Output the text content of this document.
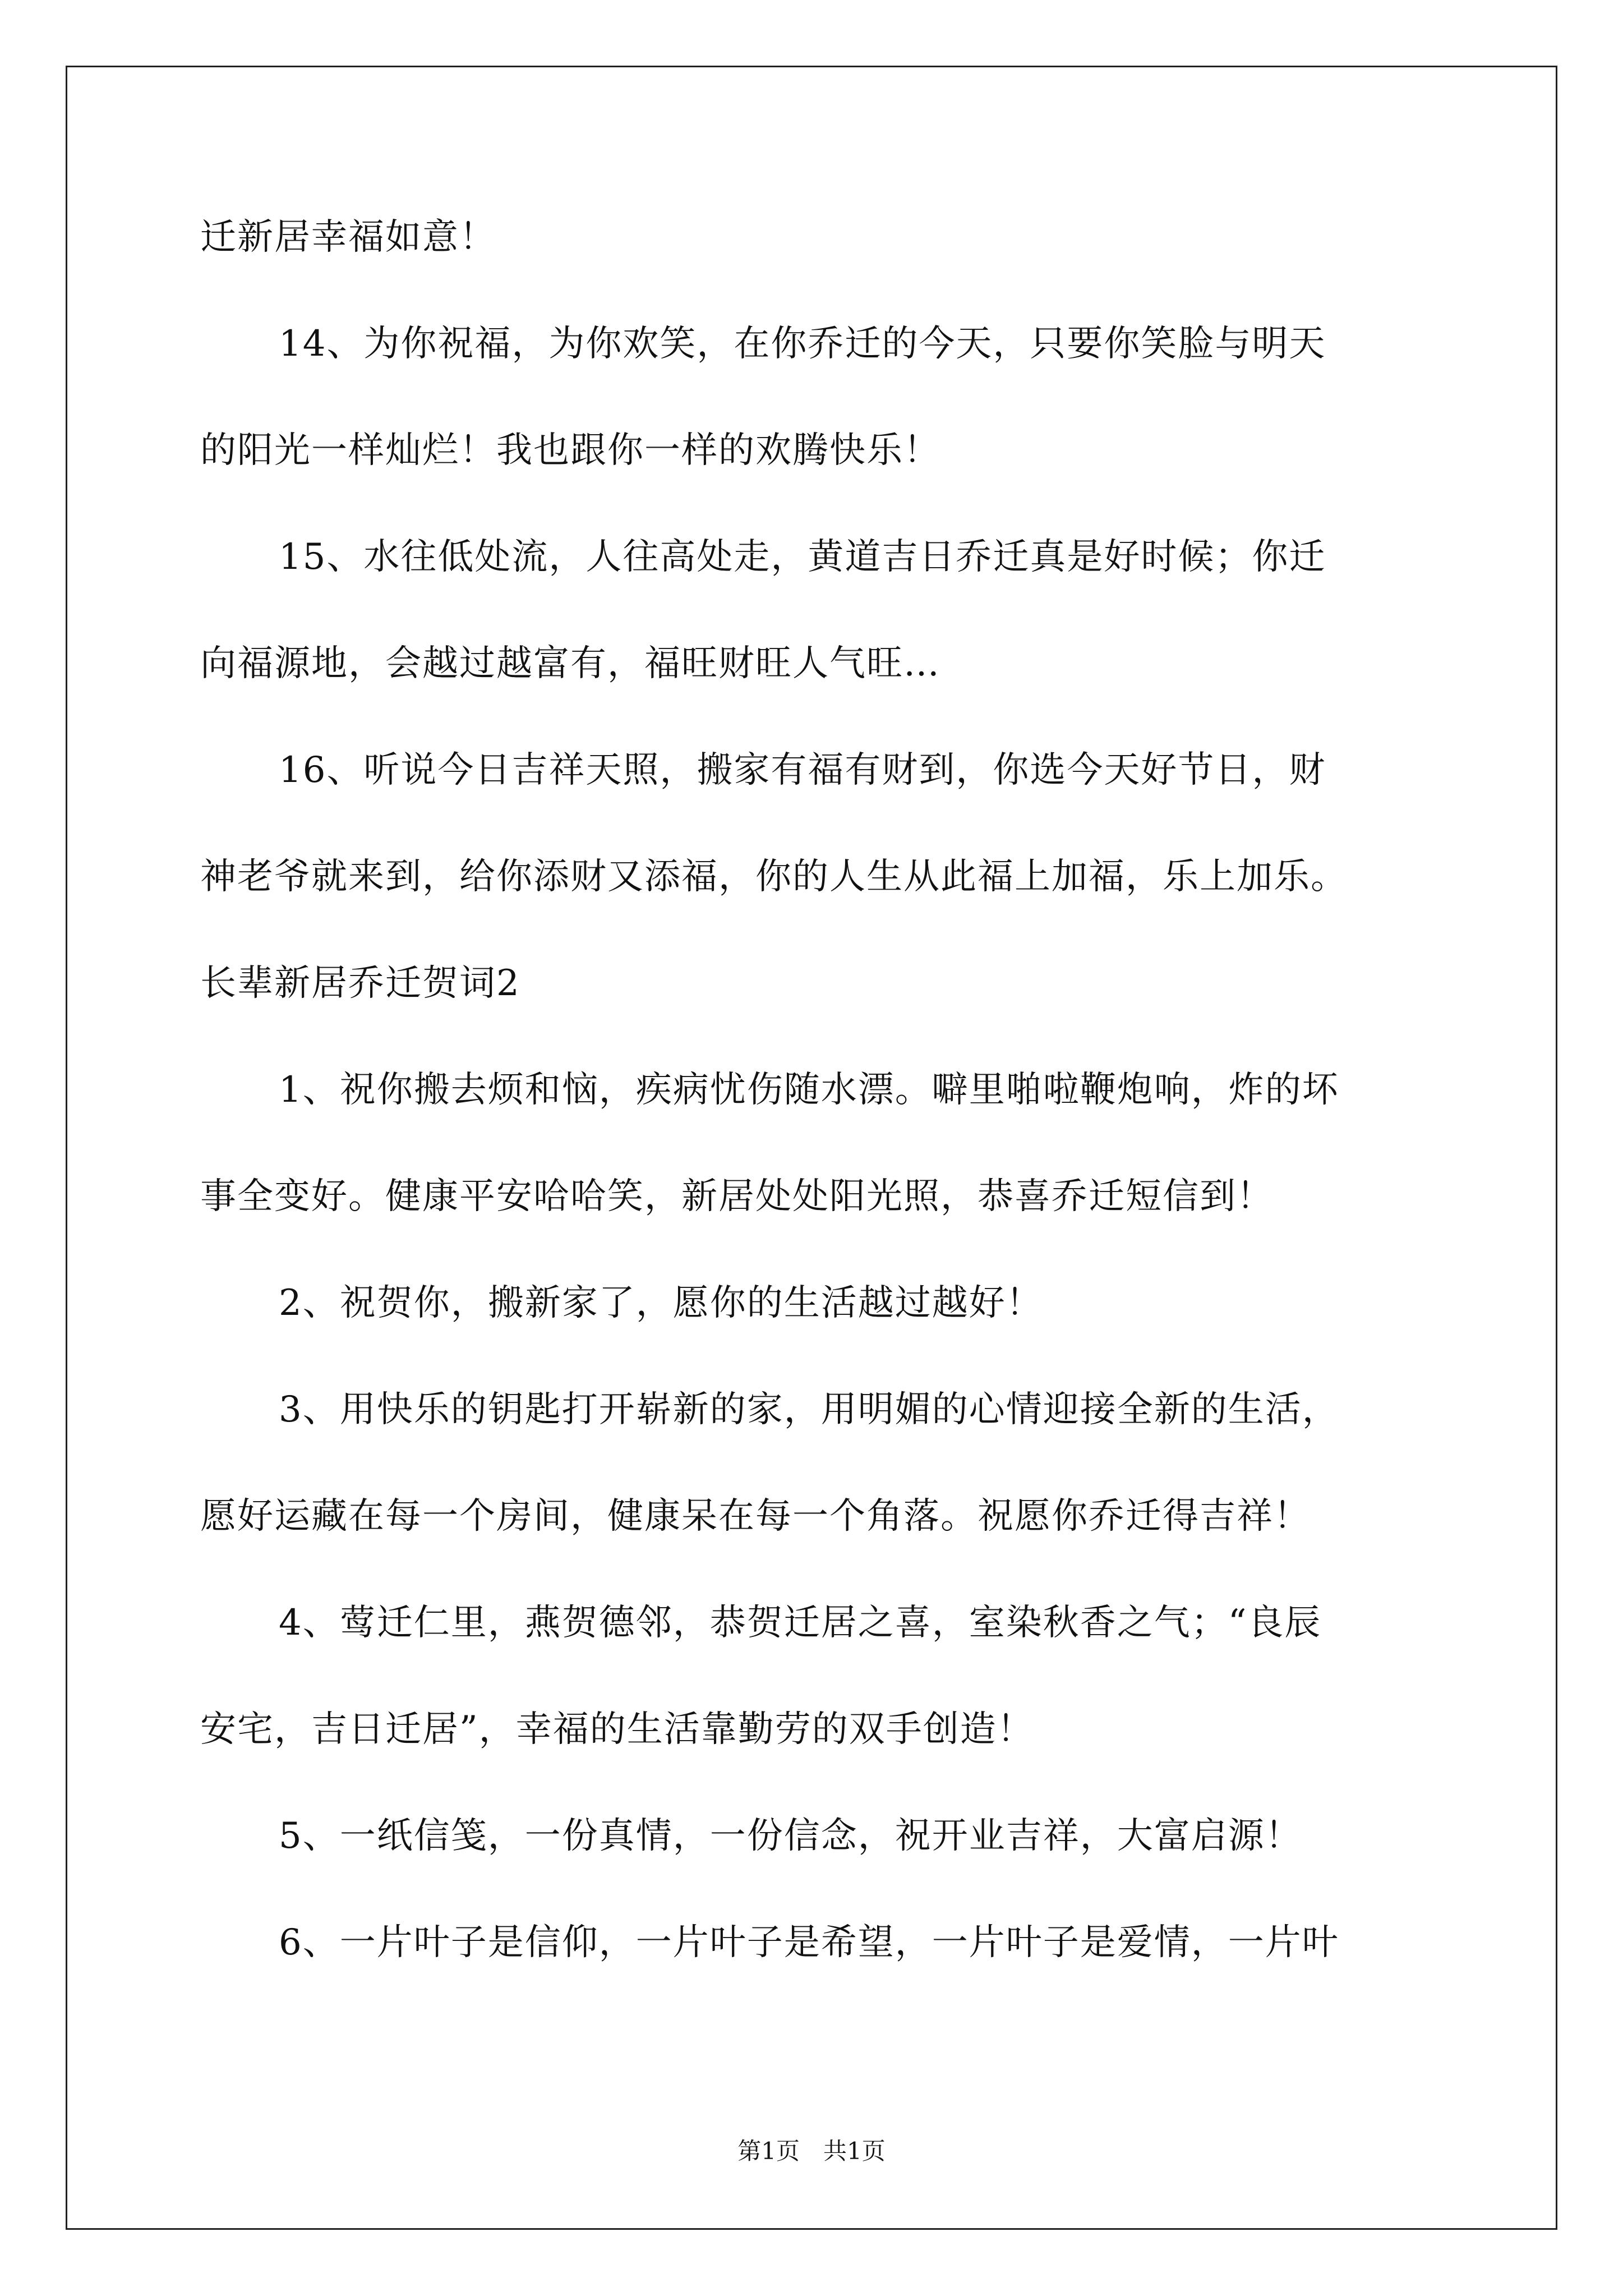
迁新居幸福如意！
14、为你祝福，为你欢笑，在你乔迁的今天，只要你笑脸与明天
的阳光一样灿烂！我也跟你一样的欢腾快乐！
15、水往低处流，人往高处走，黄道吉日乔迁真是好时候；你迁
向福源地，会越过越富有，福旺财旺人气旺…
16、听说今日吉祥天照，搬家有福有财到，你选今天好节日，财
神老爷就来到，给你添财又添福，你的人生从此福上加福，乐上加乐。
长辈新居乔迁贺词2
1、祝你搬去烦和恼，疾病忧伤随水漂。噼里啪啦鞭炮响，炸的坏
事全变好。健康平安哈哈笑，新居处处阳光照，恭喜乔迁短信到！
2、祝贺你，搬新家了，愿你的生活越过越好！
3、用快乐的钥匙打开崭新的家，用明媚的心情迎接全新的生活，
愿好运藏在每一个房间，健康呆在每一个角落。祝愿你乔迁得吉祥！
4、莺迁仁里，燕贺德邻，恭贺迁居之喜，室染秋香之气；“良辰
安宅，吉日迁居”，幸福的生活靠勤劳的双手创造！
5、一纸信笺，一份真情，一份信念，祝开业吉祥，大富启源！
6、一片叶子是信仰，一片叶子是希望，一片叶子是爱情，一片叶
第1页　共1页
